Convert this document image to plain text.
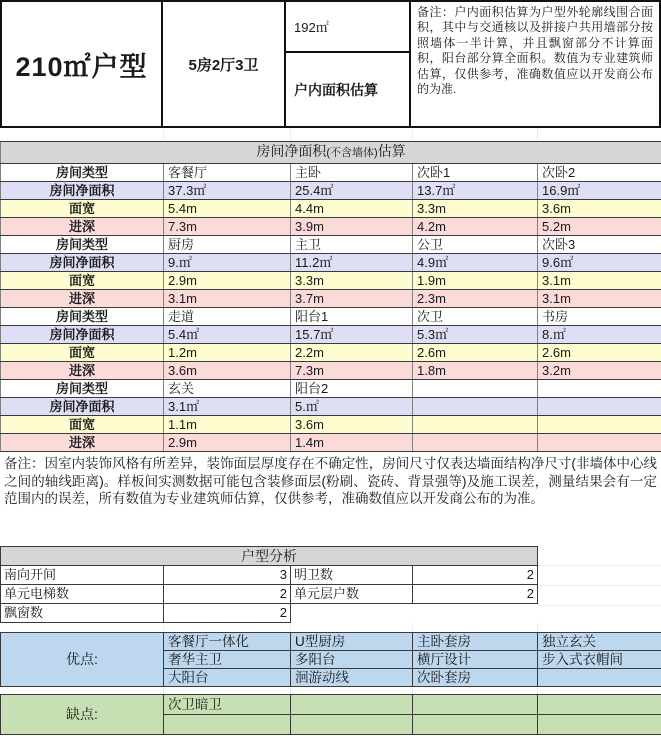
210㎡户型	5房2厅3卫
192㎡
户内面积估算
备注：户内面积估算为户型外轮廓线围合面积，其中与交通核以及拼接户共用墙部分按照墙体一半计算，并且飘窗部分不计算面积，阳台部分算全面积。数值为专业建筑师估算，仅供参考，准确数值应以开发商公布的为准.
房间净面积(不含墙体)估算				
房间类型	客餐厅	主卧	次卧1	次卧2
房间净面积	37.3㎡	25.4㎡	13.7㎡	16.9㎡
面宽	5.4m	4.4m	3.3m	3.6m
进深	7.3m	3.9m	4.2m	5.2m
房间类型	厨房	主卫	公卫	次卧3
房间净面积	9.㎡	11.2㎡	4.9㎡	9.6㎡
面宽	2.9m	3.3m	1.9m	3.1m
进深	3.1m	3.7m	2.3m	3.1m
房间类型	走道	阳台1	次卫	书房
房间净面积	5.4㎡	15.7㎡	5.3㎡	8.㎡
面宽	1.2m	2.2m	2.6m	2.6m
进深	3.6m	7.3m	1.8m	3.2m
房间类型	玄关	阳台2		
房间净面积	3.1㎡	5.㎡		
面宽	1.1m	3.6m		
进深	2.9m	1.4m		
备注：因室内装饰风格有所差异，装饰面层厚度存在不确定性，房间尺寸仅表达墙面结构净尺寸(非墙体中心线之间的轴线距离)。样板间实测数据可能包含装修面层(粉刷、瓷砖、背景强等)及施工误差，测量结果会有一定范围内的误差，所有数值为专业建筑师估算，仅供参考，准确数值应以开发商公布的为准。
户型分析			
南向开间	3	明卫数	2
单元电梯数	2	单元层户数	2
飘窗数	2		
优点:	客餐厅一体化	U型厨房	主卧套房	独立玄关
	奢华主卫	多阳台	横厅设计	步入式衣帽间
	大阳台	洄游动线	次卧套房	
缺点:	次卫暗卫			
